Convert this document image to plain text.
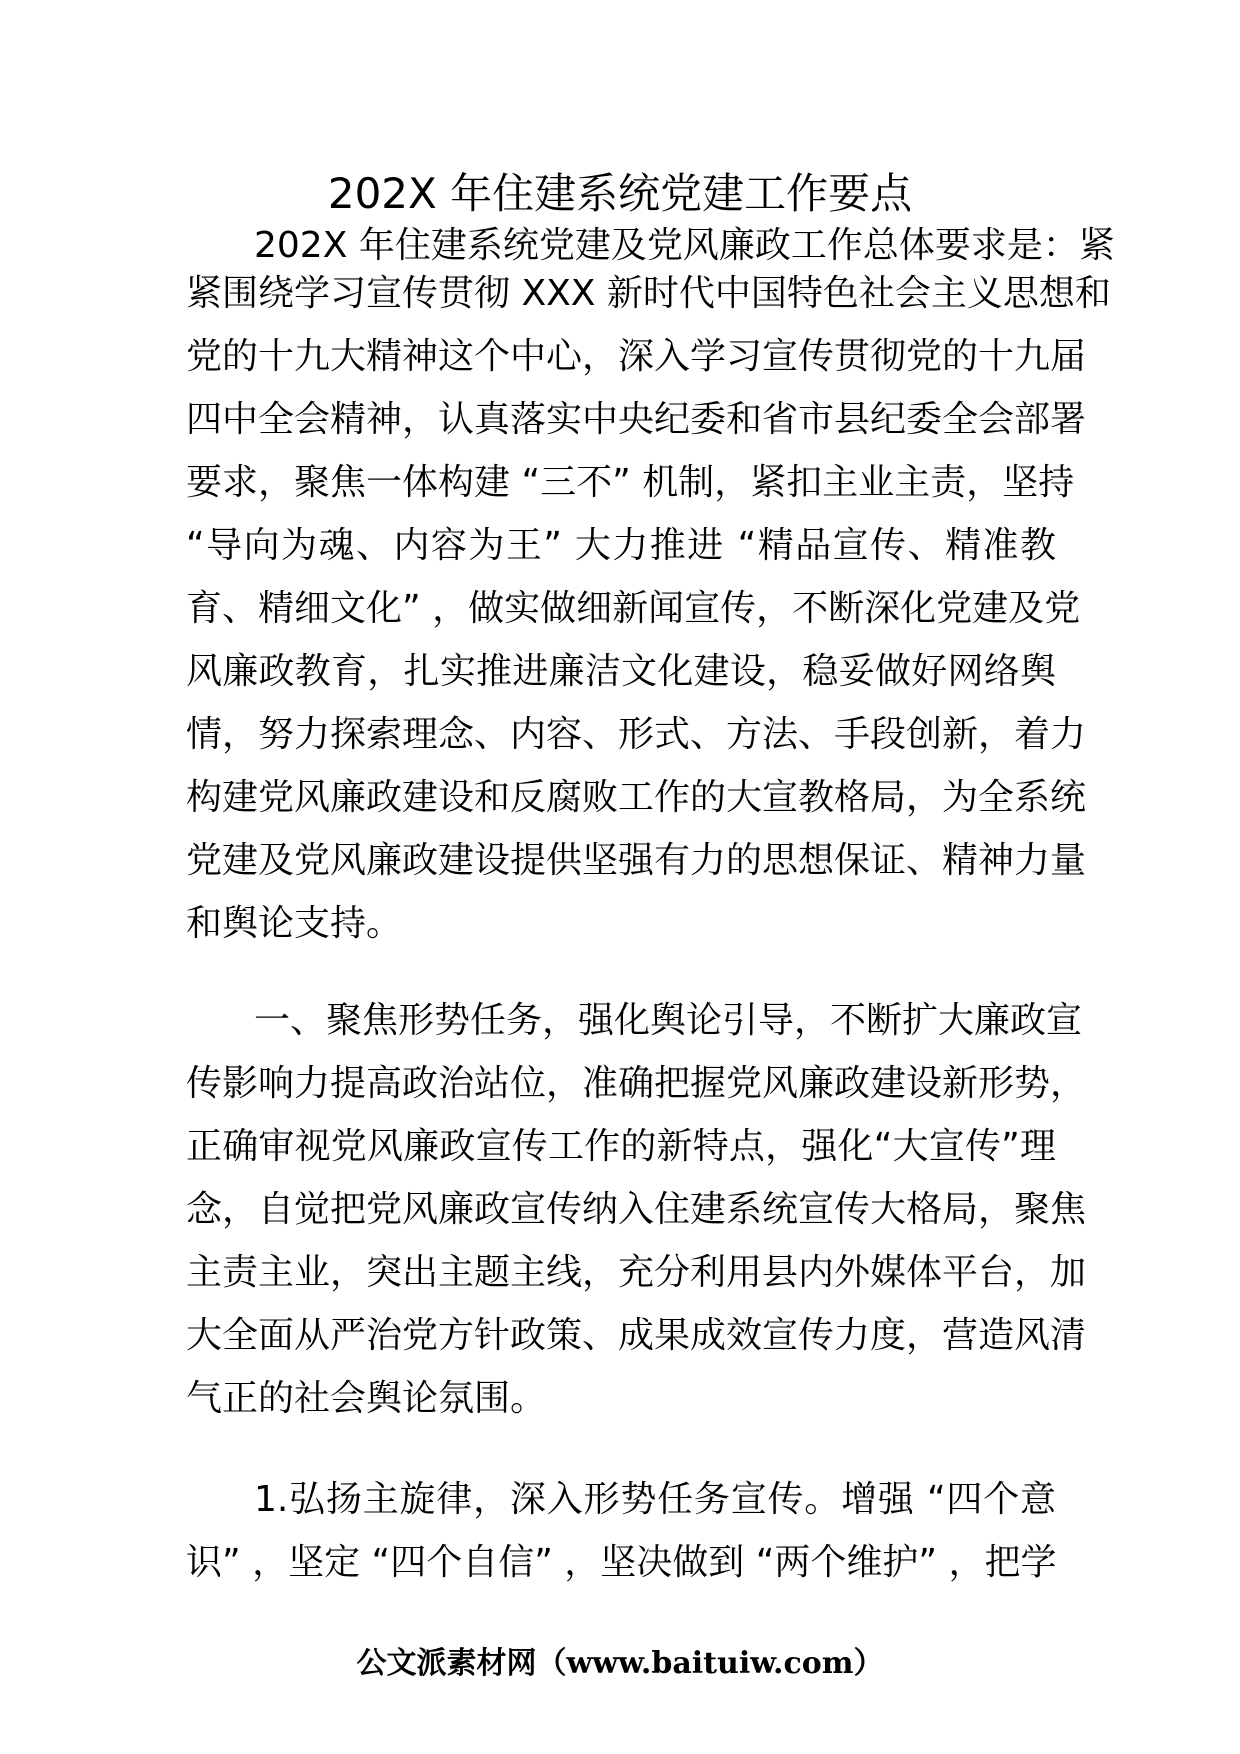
202X 年住建系统党建工作要点
202X 年住建系统党建及党风廉政工作总体要求是：紧
紧围绕学习宣传贯彻 XXX 新时代中国特色社会主义思想和
党的十九大精神这个中心，深入学习宣传贯彻党的十九届
四中全会精神，认真落实中央纪委和省市县纪委全会部署
要求，聚焦一体构建 “三不” 机制，紧扣主业主责，坚持
“导向为魂、内容为王” 大力推进 “精品宣传、精准教
育、精细文化” ，做实做细新闻宣传，不断深化党建及党
风廉政教育，扎实推进廉洁文化建设，稳妥做好网络舆
情，努力探索理念、内容、形式、方法、手段创新，着力
构建党风廉政建设和反腐败工作的大宣教格局，为全系统
党建及党风廉政建设提供坚强有力的思想保证、精神力量
和舆论支持。
一、聚焦形势任务，强化舆论引导，不断扩大廉政宣
传影响力提高政治站位，准确把握党风廉政建设新形势，
正确审视党风廉政宣传工作的新特点，强化“大宣传”理
念，自觉把党风廉政宣传纳入住建系统宣传大格局，聚焦
主责主业，突出主题主线，充分利用县内外媒体平台，加
大全面从严治党方针政策、成果成效宣传力度，营造风清
气正的社会舆论氛围。
1.弘扬主旋律，深入形势任务宣传。增强 “四个意
识” ，坚定 “四个自信” ，坚决做到 “两个维护” ，把学
公文派素材网（www.baituiw.com）
